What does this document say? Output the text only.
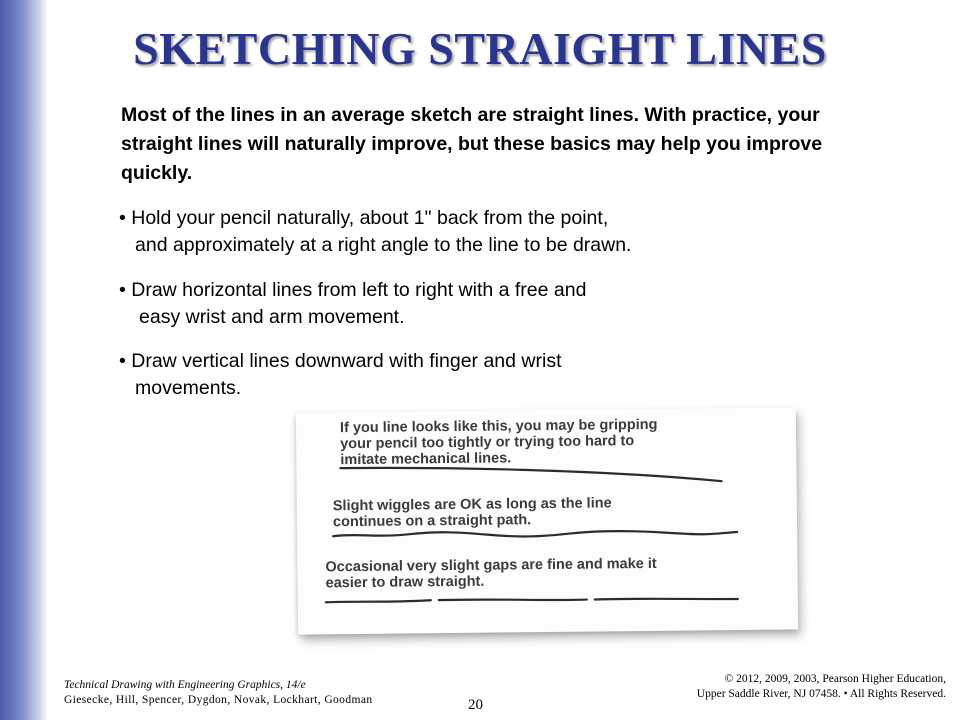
SKETCHING STRAIGHT LINES
Most of the lines in an average sketch are straight lines. With practice, your straight lines will naturally improve, but these basics may help you improve quickly.
• Hold your pencil naturally, about 1" back from the point,
and approximately at a right angle to the line to be drawn.
• Draw horizontal lines from left to right with a free and
easy wrist and arm movement.
• Draw vertical lines downward with finger and wrist
movements.
If you line looks like this, you may be gripping
your pencil too tightly or trying too hard to
imitate mechanical lines.
Slight wiggles are OK as long as the line
continues on a straight path.
Occasional very slight gaps are fine and make it
easier to draw straight.
Technical Drawing with Engineering Graphics, 14/e
Giesecke, Hill, Spencer, Dygdon, Novak, Lockhart, Goodman	20
© 2012, 2009, 2003, Pearson Higher Education,
Upper Saddle River, NJ 07458. • All Rights Reserved.
